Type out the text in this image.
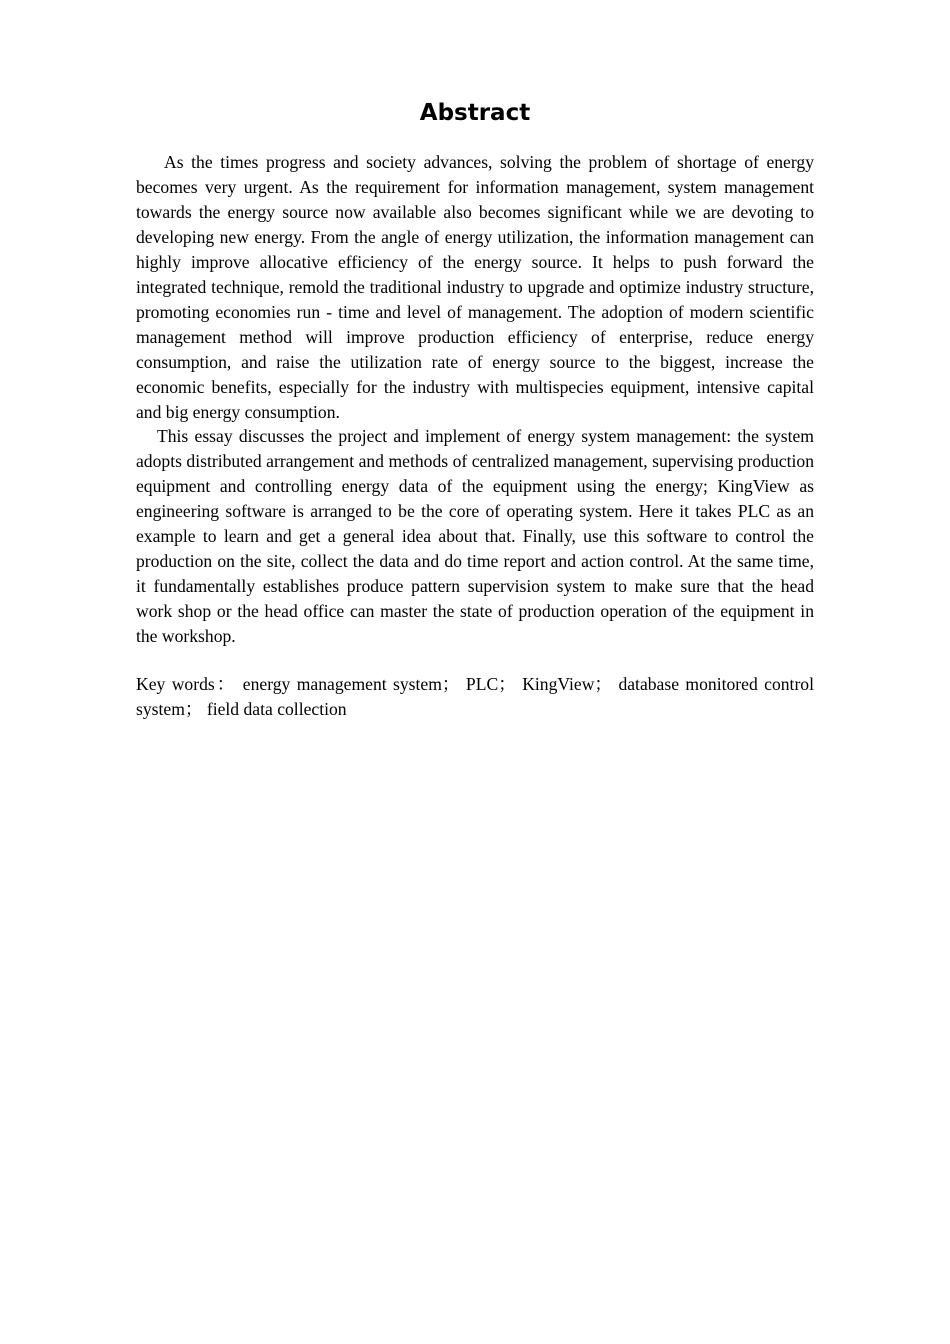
Abstract

As the times progress and society advances, solving the problem of shortage of energy becomes very urgent. As the requirement for information management, system management towards the energy source now available also becomes significant while we are devoting to developing new energy. From the angle of energy utilization, the information management can highly improve allocative efficiency of the energy source. It helps to push forward the integrated technique, remold the traditional industry to upgrade and optimize industry structure, promoting economies run - time and level of management. The adoption of modern scientific management method will improve production efficiency of enterprise, reduce energy consumption, and raise the utilization rate of energy source to the biggest, increase the economic benefits, especially for the industry with multispecies equipment, intensive capital and big energy consumption.

This essay discusses the project and implement of energy system management: the system adopts distributed arrangement and methods of centralized management, supervising production equipment and controlling energy data of the equipment using the energy; KingView as engineering software is arranged to be the core of operating system. Here it takes PLC as an example to learn and get a general idea about that. Finally, use this software to control the production on the site, collect the data and do time report and action control. At the same time, it fundamentally establishes produce pattern supervision system to make sure that the head work shop or the head office can master the state of production operation of the equipment in the workshop.

Key words： energy management system； PLC； KingView； database monitored control system； field data collection
